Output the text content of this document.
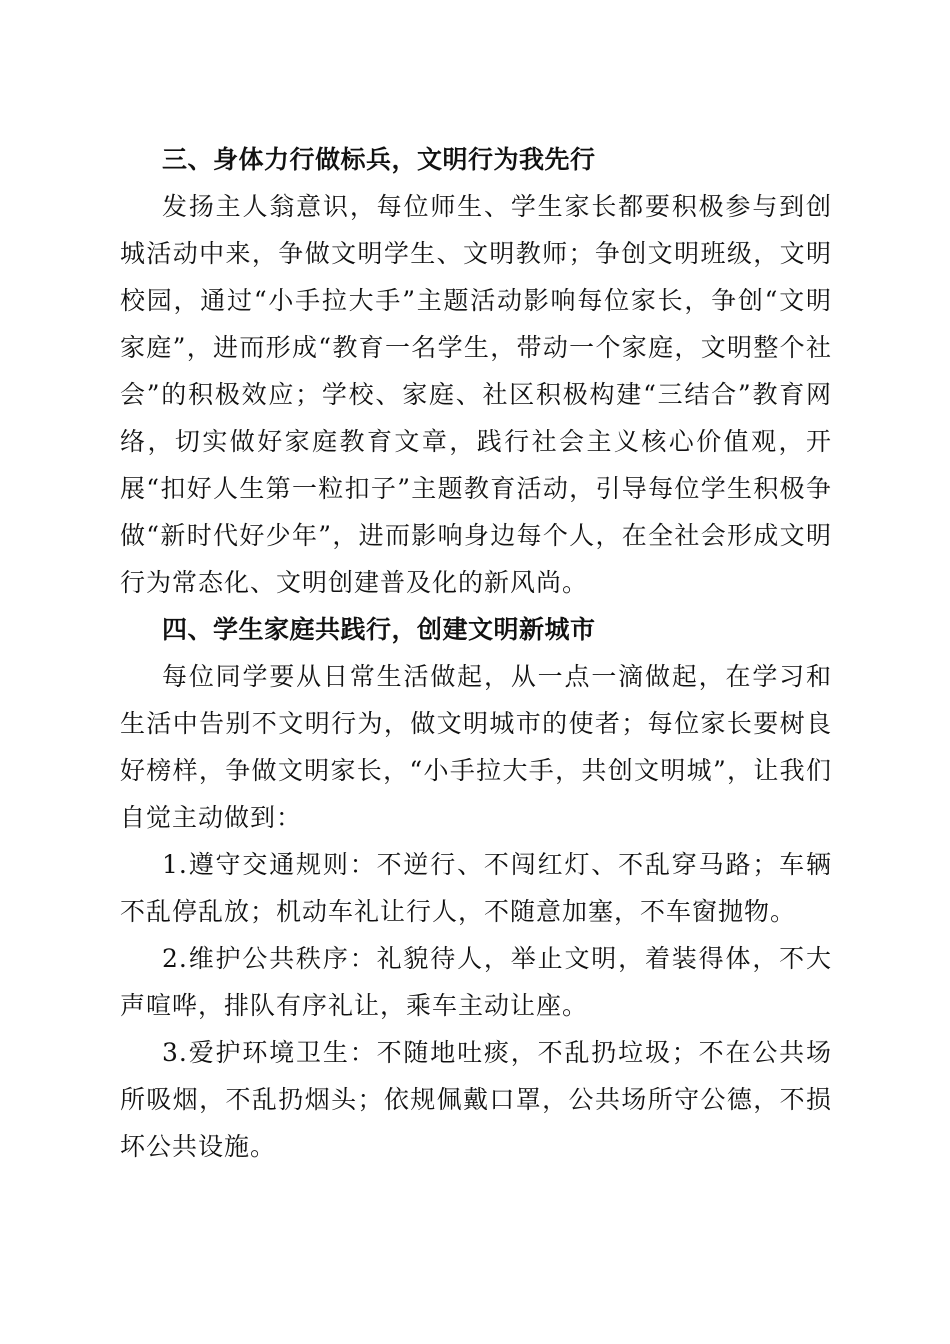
三、身体力行做标兵，文明行为我先行

发扬主人翁意识，每位师生、学生家长都要积极参与到创城活动中来，争做文明学生、文明教师；争创文明班级，文明校园，通过“小手拉大手”主题活动影响每位家长，争创“文明家庭”，进而形成“教育一名学生，带动一个家庭，文明整个社会”的积极效应；学校、家庭、社区积极构建“三结合”教育网络，切实做好家庭教育文章，践行社会主义核心价值观，开展“扣好人生第一粒扣子”主题教育活动，引导每位学生积极争做“新时代好少年”，进而影响身边每个人，在全社会形成文明行为常态化、文明创建普及化的新风尚。

四、学生家庭共践行，创建文明新城市

每位同学要从日常生活做起，从一点一滴做起，在学习和生活中告别不文明行为，做文明城市的使者；每位家长要树良好榜样，争做文明家长，“小手拉大手，共创文明城”，让我们自觉主动做到：

1.遵守交通规则：不逆行、不闯红灯、不乱穿马路；车辆不乱停乱放；机动车礼让行人，不随意加塞，不车窗抛物。

2.维护公共秩序：礼貌待人，举止文明，着装得体，不大声喧哗，排队有序礼让，乘车主动让座。

3.爱护环境卫生：不随地吐痰，不乱扔垃圾；不在公共场所吸烟，不乱扔烟头；依规佩戴口罩，公共场所守公德，不损坏公共设施。
